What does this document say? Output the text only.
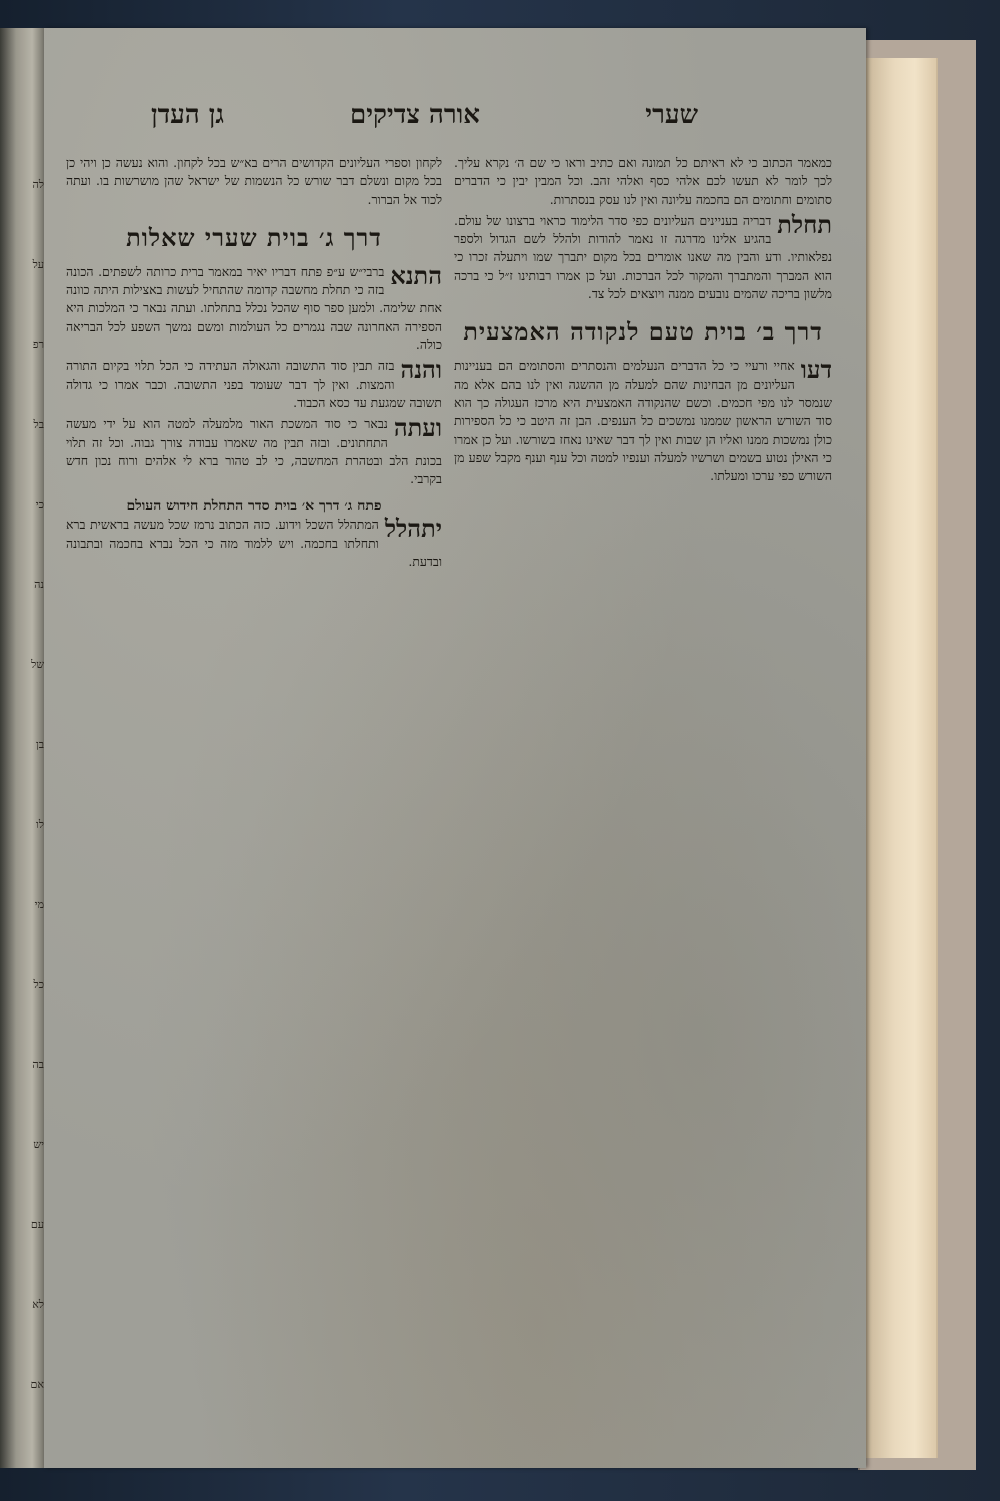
לה
על
רפ
בל
כי
נה
של
בן
לו
מי
כל
בה
יש
עם
לא
אם
שערי
אורה צדיקים
גן העדן

כמאמר הכתוב כי לא ראיתם כל תמונה ואם כתיב וראו כי שם ה׳ נקרא עליך. לכך לומר לא תעשו לכם אלהי כסף ואלהי זהב. וכל המבין יבין כי הדברים סתומים וחתומים הם בחכמה עליונה ואין לנו עסק בנסתרות.

תחלת
דבריה בעניינים העליונים כפי סדר הלימוד כראוי ברצונו של עולם. בהגיע אלינו מדרגה זו נאמר להודות ולהלל לשם הגדול ולספר נפלאותיו. ודע והבין מה שאנו אומרים בכל מקום יתברך שמו ויתעלה זכרו כי הוא המברך והמתברך והמקור לכל הברכות. ועל כן אמרו רבותינו ז״ל כי ברכה מלשון בריכה שהמים נובעים ממנה ויוצאים לכל צד.

דרך ב׳ בוית טעם לנקודה האמצעית

דעו
אחיי ורעיי כי כל הדברים הנעלמים והנסתרים והסתומים הם בעניינות העליונים מן הבחינות שהם למעלה מן ההשגה ואין לנו בהם אלא מה שנמסר לנו מפי חכמים. וכשם שהנקודה האמצעית היא מרכז העגולה כך הוא סוד השורש הראשון שממנו נמשכים כל הענפים. הבן זה היטב כי כל הספירות כולן נמשכות ממנו ואליו הן שבות ואין לך דבר שאינו נאחז בשורשו. ועל כן אמרו כי האילן נטוע בשמים ושרשיו למעלה וענפיו למטה וכל ענף וענף מקבל שפע מן השורש כפי ערכו ומעלתו.

לקחון וספרי העליונים הקדושים הרים בא״ש בכל לקחון. והוא נעשה כן ויהי כן בכל מקום ונשלם דבר שורש כל הנשמות של ישראל שהן מושרשות בו. ועתה לכוד אל הברור.

דרך ג׳ בוית שערי שאלות

התנא
ברבי״ש ע״פ פתח דבריו יאיר במאמר ברית כרותה לשפתים. הכונה בזה כי תחלת מחשבה קדומה שהתחיל לעשות באצילות היתה כוונה אחת שלימה. ולמען ספר סוף שהכל נכלל בתחלתו. ועתה נבאר כי המלכות היא הספירה האחרונה שבה נגמרים כל העולמות ומשם נמשך השפע לכל הבריאה כולה.

והנה
בזה תבין סוד התשובה והגאולה העתידה כי הכל תלוי בקיום התורה והמצות. ואין לך דבר שעומד בפני התשובה. וכבר אמרו כי גדולה תשובה שמגעת עד כסא הכבוד.

ועתה
נבאר כי סוד המשכת האור מלמעלה למטה הוא על ידי מעשה התחתונים. ובזה תבין מה שאמרו עבודה צורך גבוה. וכל זה תלוי בכונת הלב ובטהרת המחשבה, כי לב טהור ברא לי אלהים ורוח נכון חדש בקרבי.

פתח ג׳ דרך א׳ בוית סדר התחלת חידוש העולם

יתהלל
המתהלל השכל וידוע. כזה הכתוב נרמז שכל מעשה בראשית ברא ותחלתו בחכמה. ויש ללמוד מזה כי הכל נברא בחכמה ובתבונה ובדעת.
